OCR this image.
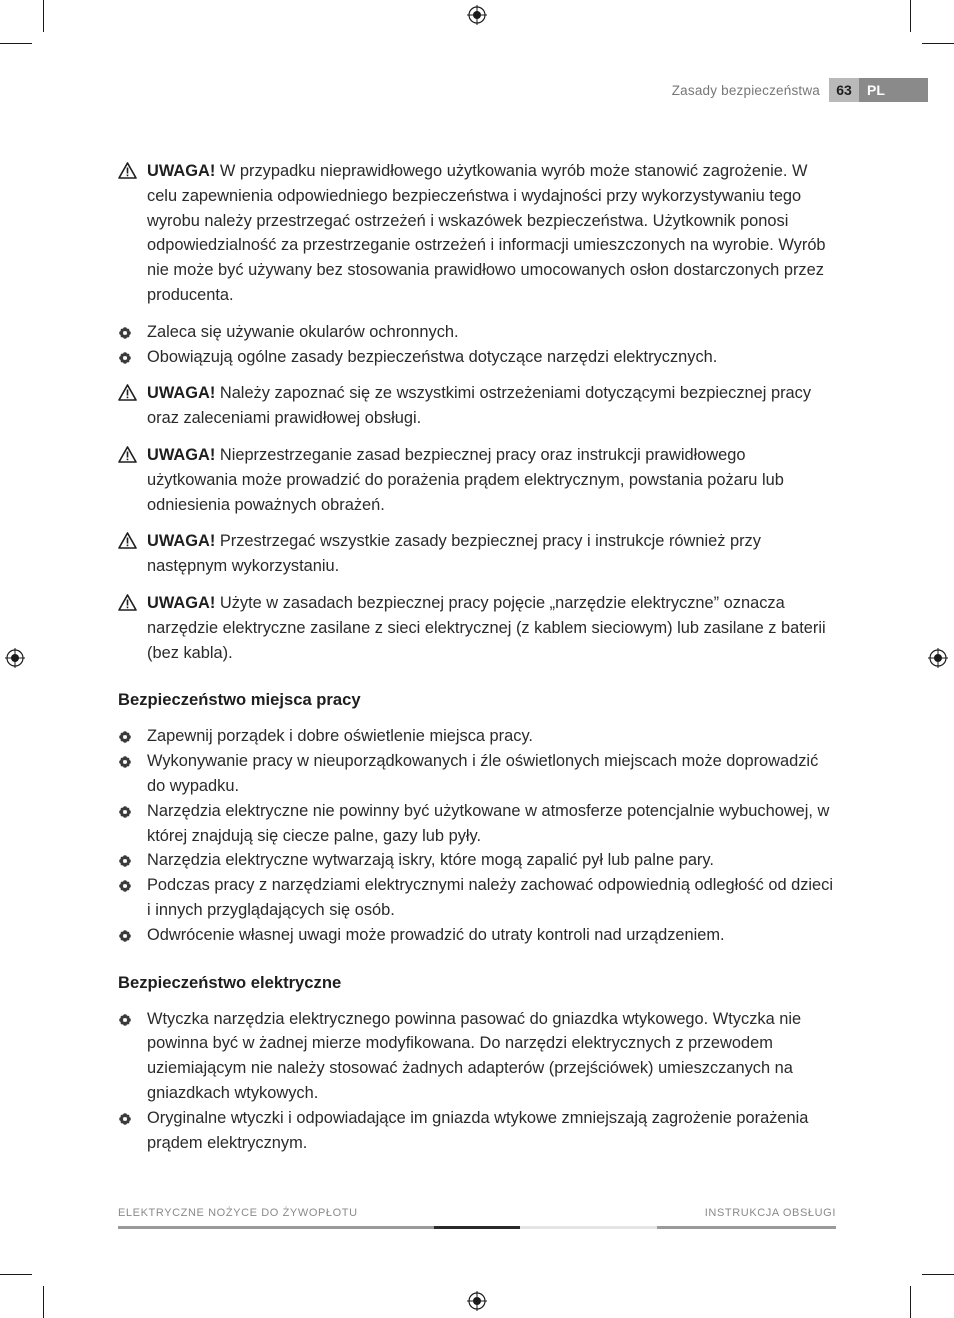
Zasady bezpieczeństwa	63	PL
UWAGA! W przypadku nieprawidłowego użytkowania wyrób może stanowić zagrożenie. W celu zapewnienia odpowiedniego bezpieczeństwa i wydajności przy wykorzystywaniu tego wyrobu należy przestrzegać ostrzeżeń i wskazówek bezpieczeństwa. Użytkownik ponosi odpowiedzialność za przestrzeganie ostrzeżeń i informacji umieszczonych na wyrobie. Wyrób nie może być używany bez stosowania prawidłowo umocowanych osłon dostarczonych przez producenta.
Zaleca się używanie okularów ochronnych.
Obowiązują ogólne zasady bezpieczeństwa dotyczące narzędzi elektrycznych.
UWAGA! Należy zapoznać się ze wszystkimi ostrzeżeniami dotyczącymi bezpiecznej pracy oraz zaleceniami prawidłowej obsługi.
UWAGA! Nieprzestrzeganie zasad bezpiecznej pracy oraz instrukcji prawidłowego użytkowania może prowadzić do porażenia prądem elektrycznym, powstania pożaru lub odniesienia poważnych obrażeń.
UWAGA! Przestrzegać wszystkie zasady bezpiecznej pracy i instrukcje również przy następnym wykorzystaniu.
UWAGA! Użyte w zasadach bezpiecznej pracy pojęcie „narzędzie elektryczne” oznacza narzędzie elektryczne zasilane z sieci elektrycznej (z kablem sieciowym) lub zasilane z baterii (bez kabla).
Bezpieczeństwo miejsca pracy
Zapewnij porządek i dobre oświetlenie miejsca pracy.
Wykonywanie pracy w nieuporządkowanych i źle oświetlonych miejscach może doprowadzić do wypadku.
Narzędzia elektryczne nie powinny być użytkowane w atmosferze potencjalnie wybuchowej, w której znajdują się ciecze palne, gazy lub pyły.
Narzędzia elektryczne wytwarzają iskry, które mogą zapalić pył lub palne pary.
Podczas pracy z narzędziami elektrycznymi należy zachować odpowiednią odległość od dzieci i innych przyglądających się osób.
Odwrócenie własnej uwagi może prowadzić do utraty kontroli nad urządzeniem.
Bezpieczeństwo elektryczne
Wtyczka narzędzia elektrycznego powinna pasować do gniazdka wtykowego. Wtyczka nie powinna być w żadnej mierze modyfikowana. Do narzędzi elektrycznych z przewodem uziemiającym nie należy stosować żadnych adapterów (przejściówek) umieszczanych na gniazdkach wtykowych.
Oryginalne wtyczki i odpowiadające im gniazda wtykowe zmniejszają zagrożenie porażenia prądem elektrycznym.
ELEKTRYCZNE NOŻYCE DO ŻYWOPŁOTU	INSTRUKCJA OBSŁUGI
